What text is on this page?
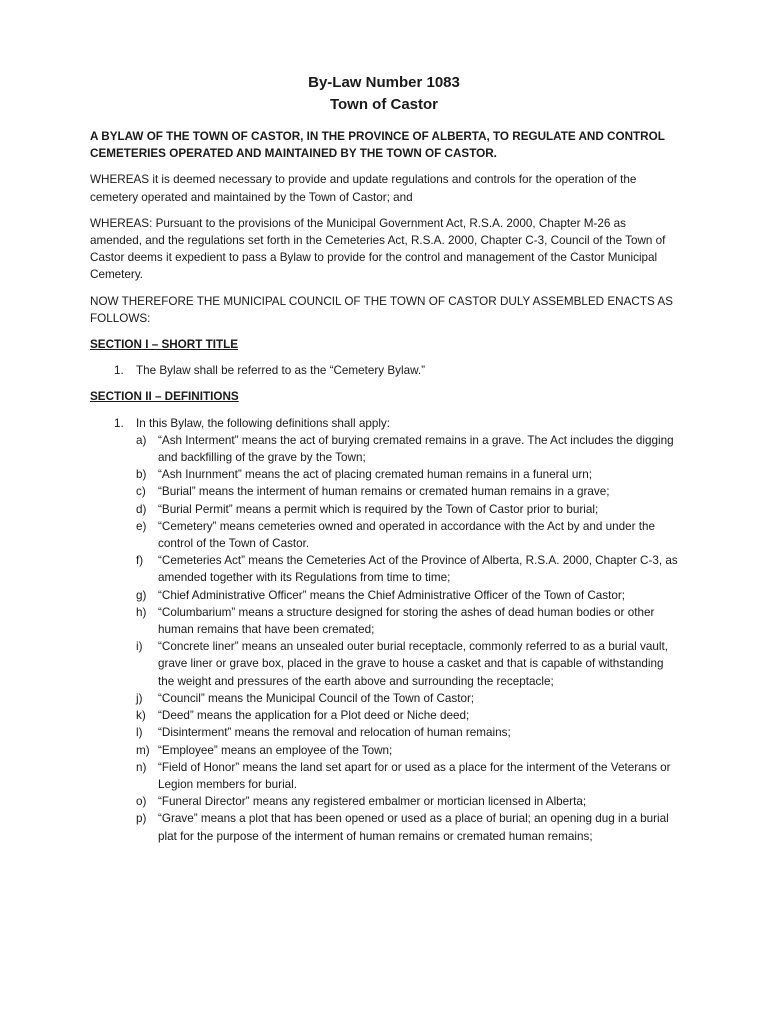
By-Law Number 1083
Town of Castor

A BYLAW OF THE TOWN OF CASTOR, IN THE PROVINCE OF ALBERTA, TO REGULATE AND CONTROL CEMETERIES OPERATED AND MAINTAINED BY THE TOWN OF CASTOR.

WHEREAS it is deemed necessary to provide and update regulations and controls for the operation of the cemetery operated and maintained by the Town of Castor; and

WHEREAS: Pursuant to the provisions of the Municipal Government Act, R.S.A. 2000, Chapter M-26 as amended, and the regulations set forth in the Cemeteries Act, R.S.A. 2000, Chapter C-3, Council of the Town of Castor deems it expedient to pass a Bylaw to provide for the control and management of the Castor Municipal Cemetery.

NOW THEREFORE THE MUNICIPAL COUNCIL OF THE TOWN OF CASTOR DULY ASSEMBLED ENACTS AS FOLLOWS:

SECTION I – SHORT TITLE
1.	The Bylaw shall be referred to as the “Cemetery Bylaw.”
SECTION II – DEFINITIONS
1.	In this Bylaw, the following definitions shall apply:
a) “Ash Interment” means the act of burying cremated remains in a grave. The Act includes the digging and backfilling of the grave by the Town;
b) “Ash Inurnment” means the act of placing cremated human remains in a funeral urn;
c)	“Burial” means the interment of human remains or cremated human remains in a grave;
d) “Burial Permit” means a permit which is required by the Town of Castor prior to burial;
e) “Cemetery” means cemeteries owned and operated in accordance with the Act by and under the control of the Town of Castor.
f)	“Cemeteries Act” means the Cemeteries Act of the Province of Alberta, R.S.A. 2000, Chapter C-3, as amended together with its Regulations from time to time;
g) “Chief Administrative Officer” means the Chief Administrative Officer of the Town of Castor;
h) “Columbarium” means a structure designed for storing the ashes of dead human bodies or other human remains that have been cremated;
i)	“Concrete liner” means an unsealed outer burial receptacle, commonly referred to as a burial vault, grave liner or grave box, placed in the grave to house a casket and that is capable of withstanding the weight and pressures of the earth above and surrounding the receptacle;
j)	“Council” means the Municipal Council of the Town of Castor;
k)	“Deed” means the application for a Plot deed or Niche deed;
l)	“Disinterment” means the removal and relocation of human remains;
m) “Employee” means an employee of the Town;
n) “Field of Honor” means the land set apart for or used as a place for the interment of the Veterans or Legion members for burial.
o) “Funeral Director” means any registered embalmer or mortician licensed in Alberta;
p) “Grave” means a plot that has been opened or used as a place of burial; an opening dug in a burial plat for the purpose of the interment of human remains or cremated human remains;
